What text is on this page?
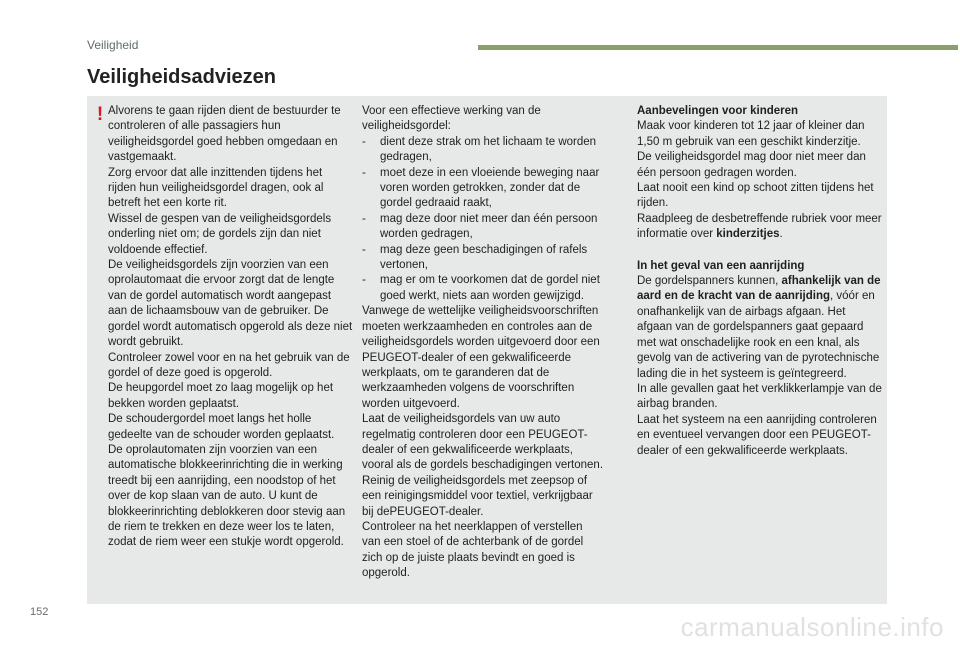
Veiligheid
Veiligheidsadviezen
! Alvorens te gaan rijden dient de bestuurder te controleren of alle passagiers hun veiligheidsgordel goed hebben omgedaan en vastgemaakt.

Zorg ervoor dat alle inzittenden tijdens het rijden hun veiligheidsgordel dragen, ook al betreft het een korte rit.

Wissel de gespen van de veiligheidsgordels onderling niet om; de gordels zijn dan niet voldoende effectief.

De veiligheidsgordels zijn voorzien van een oprolautomaat die ervoor zorgt dat de lengte van de gordel automatisch wordt aangepast aan de lichaamsbouw van de gebruiker. De gordel wordt automatisch opgerold als deze niet wordt gebruikt.

Controleer zowel voor en na het gebruik van de gordel of deze goed is opgerold.

De heupgordel moet zo laag mogelijk op het bekken worden geplaatst.

De schoudergordel moet langs het holle gedeelte van de schouder worden geplaatst.

De oprolautomaten zijn voorzien van een automatische blokkeerinrichting die in werking treedt bij een aanrijding, een noodstop of het over de kop slaan van de auto. U kunt de blokkeerinrichting deblokkeren door stevig aan de riem te trekken en deze weer los te laten, zodat de riem weer een stukje wordt opgerold.

Voor een effectieve werking van de veiligheidsgordel:

-	dient deze strak om het lichaam te worden gedragen,
-	moet deze in een vloeiende beweging naar voren worden getrokken, zonder dat de gordel gedraaid raakt,
-	mag deze door niet meer dan één persoon worden gedragen,
-	mag deze geen beschadigingen of rafels vertonen,
-	mag er om te voorkomen dat de gordel niet goed werkt, niets aan worden gewijzigd.

Vanwege de wettelijke veiligheidsvoorschriften moeten werkzaamheden en controles aan de veiligheidsgordels worden uitgevoerd door een PEUGEOT-dealer of een gekwalificeerde werkplaats, om te garanderen dat de werkzaamheden volgens de voorschriften worden uitgevoerd.

Laat de veiligheidsgordels van uw auto regelmatig controleren door een PEUGEOT-dealer of een gekwalificeerde werkplaats, vooral als de gordels beschadigingen vertonen.

Reinig de veiligheidsgordels met zeepsop of een reinigingsmiddel voor textiel, verkrijgbaar bij dePEUGEOT-dealer.

Controleer na het neerklappen of verstellen van een stoel of de achterbank of de gordel zich op de juiste plaats bevindt en goed is opgerold.

Aanbevelingen voor kinderen

Maak voor kinderen tot 12 jaar of kleiner dan 1,50 m gebruik van een geschikt kinderzitje.

De veiligheidsgordel mag door niet meer dan één persoon gedragen worden.

Laat nooit een kind op schoot zitten tijdens het rijden.

Raadpleeg de desbetreffende rubriek voor meer informatie over kinderzitjes.

In het geval van een aanrijding

De gordelspanners kunnen, afhankelijk van de aard en de kracht van de aanrijding, vóór en onafhankelijk van de airbags afgaan. Het afgaan van de gordelspanners gaat gepaard met wat onschadelijke rook en een knal, als gevolg van de activering van de pyrotechnische lading die in het systeem is geïntegreerd.

In alle gevallen gaat het verklikkerlampje van de airbag branden.

Laat het systeem na een aanrijding controleren en eventueel vervangen door een PEUGEOT-dealer of een gekwalificeerde werkplaats.

152	carmanualsonline.info
